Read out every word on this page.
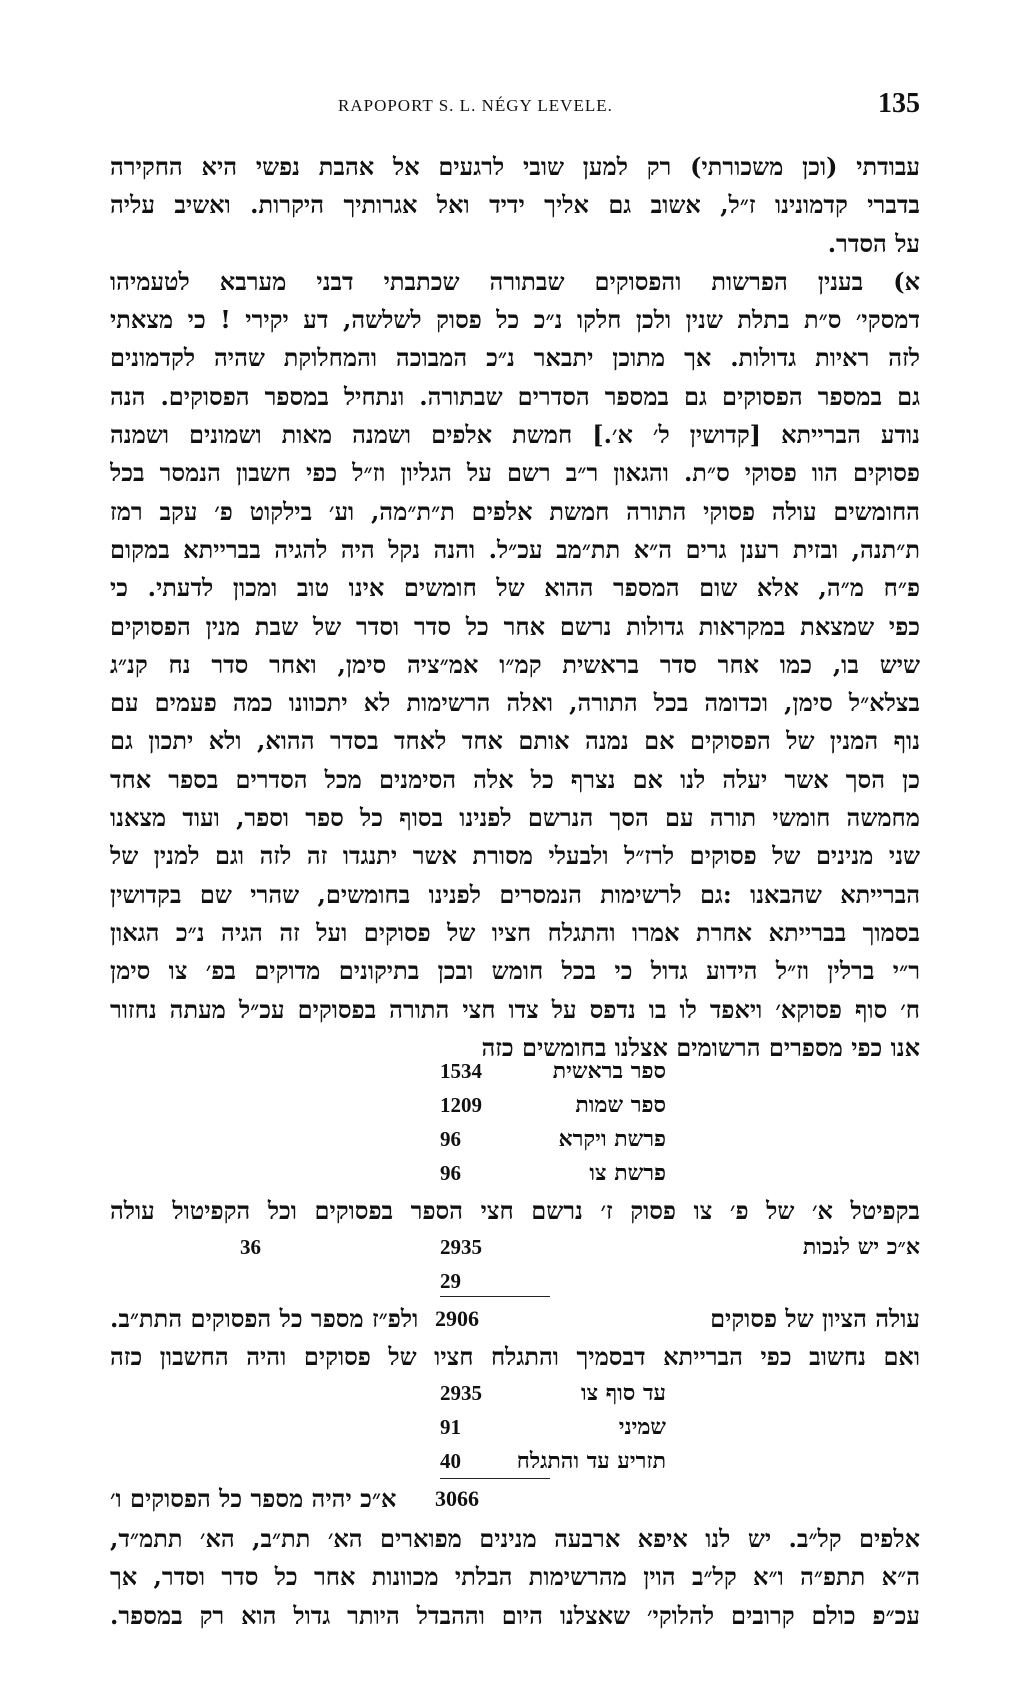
RAPOPORT S. L. NÉGY LEVELE.	135
עבודתי (וכן משכורתי) רק למען שובי לרגעים אל אהבת נפשי היא החקירה
בדברי קדמונינו ז״ל, אשוב גם אליך ידיד ואל אגרותיך היקרות. ואשיב עליה
על הסדר.
א) בענין הפרשות והפסוקים שבתורה שכתבתי דבני מערבא לטעמיהו
דמסקי׳ ס״ת בתלת שנין ולכן חלקו נ״כ כל פסוק לשלשה, דע יקירי ! כי מצאתי
לזה ראיות גדולות. אך מתוכן יתבאר נ״כ המבוכה והמחלוקת שהיה לקדמונים
גם במספר הפסוקים גם במספר הסדרים שבתורה. ונתחיל במספר הפסוקים. הנה
נודע הברייתא [קדושין ל׳ א׳.] חמשת אלפים ושמנה מאות ושמונים ושמנה
פסוקים הוו פסוקי ס״ת. והגאון ר״ב רשם על הגליון וז״ל כפי חשבון הנמסר בכל
החומשים עולה פסוקי התורה חמשת אלפים ת״ת״מה, וע׳ בילקוט פ׳ עקב רמז
ת״תנה, ובזית רענן גרים ה״א תת״מב עכ״ל. והנה נקל היה להגיה בברייתא במקום
פ״ח מ״ה, אלא שום המספר ההוא של חומשים אינו טוב ומכון לדעתי. כי
כפי שמצאת במקראות גדולות נרשם אחר כל סדר וסדר של שבת מנין הפסוקים
שיש בו, כמו אחר סדר בראשית קמ״ו אמ״ציה סימן, ואחר סדר נח קנ״ג
בצלא״ל סימן, וכדומה בכל התורה, ואלה הרשימות לא יתכוונו כמה פעמים עם
נוף המנין של הפסוקים אם נמנה אותם אחד לאחד בסדר ההוא, ולא יתכון גם
כן הסך אשר יעלה לנו אם נצרף כל אלה הסימנים מכל הסדרים בספר אחד
מחמשה חומשי תורה עם הסך הנרשם לפנינו בסוף כל ספר וספר, ועוד מצאנו
שני מנינים של פסוקים לרז״ל ולבעלי מסורת אשר יתנגדו זה לזה וגם למנין של
הברייתא שהבאנו :גם לרשימות הנמסרים לפנינו בחומשים, שהרי שם בקדושין
בסמוך בברייתא אחרת אמרו והתגלח חציו של פסוקים ועל זה הגיה נ״כ הגאון
ר״י ברלין וז״ל הידוע גדול כי בכל חומש ובכן בתיקונים מדוקים בפ׳ צו סימן
ח׳ סוף פסוקא׳ ויאפד לו בו נדפס על צדו חצי התורה בפסוקים עכ״ל מעתה נחזור
אנו כפי מספרים הרשומים אצלנו בחומשים כזה
ספר בראשית
1534
ספר שמות
1209
פרשת ויקרא
96
פרשת צו
96
בקפיטל א׳ של פ׳ צו פסוק ז׳ נרשם חצי הספר בפסוקים וכל הקפיטול עולה
א״כ יש לנכות
36	2935
29
עולה הציון של פסוקים
2906
ולפ״ז מספר כל הפסוקים התת״ב.
ואם נחשוב כפי הברייתא דבסמיך והתגלח חציו של פסוקים והיה החשבון כזה
עד סוף צו
2935
שמיני
91
תזריע עד והתגלח
40
3066
א״כ יהיה מספר כל הפסוקים ו׳
אלפים קל״ב. יש לנו איפא ארבעה מנינים מפוארים הא׳ תת״ב, הא׳ תתמ״ד,
ה״א תתפ״ה ו״א קל״ב הוין מהרשימות הבלתי מכוונות אחר כל סדר וסדר, אך
עכ״פ כולם קרובים להלוקי׳ שאצלנו היום וההבדל היותר גדול הוא רק במספר.
